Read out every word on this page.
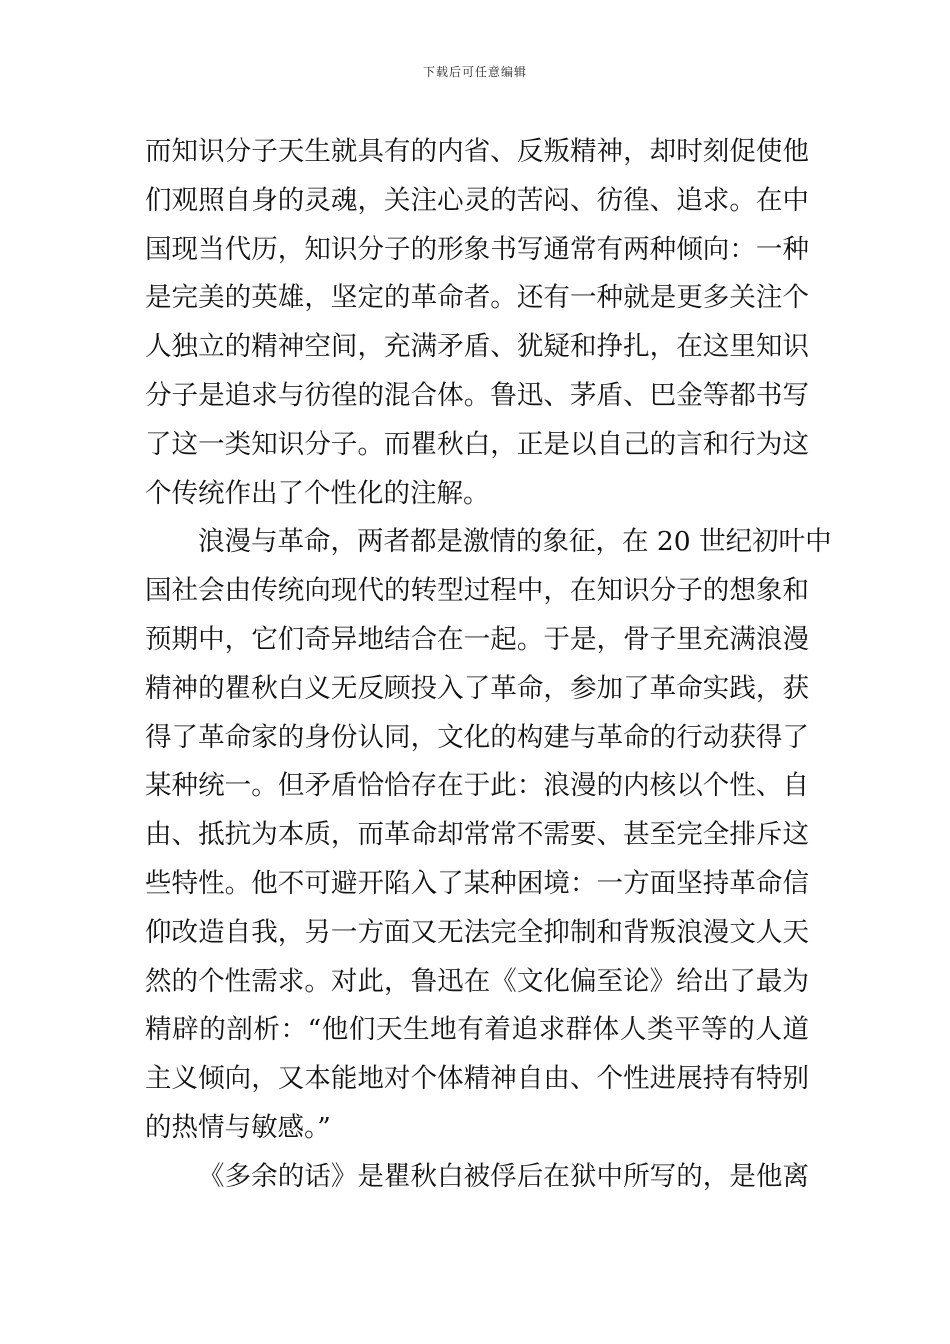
下载后可任意编辑
而知识分子天生就具有的内省、反叛精神，却时刻促使他
们观照自身的灵魂，关注心灵的苦闷、彷徨、追求。在中
国现当代历，知识分子的形象书写通常有两种倾向：一种
是完美的英雄，坚定的革命者。还有一种就是更多关注个
人独立的精神空间，充满矛盾、犹疑和挣扎，在这里知识
分子是追求与彷徨的混合体。鲁迅、茅盾、巴金等都书写
了这一类知识分子。而瞿秋白，正是以自己的言和行为这
个传统作出了个性化的注解。
浪漫与革命，两者都是激情的象征，在 20 世纪初叶中
国社会由传统向现代的转型过程中，在知识分子的想象和
预期中，它们奇异地结合在一起。于是，骨子里充满浪漫
精神的瞿秋白义无反顾投入了革命，参加了革命实践，获
得了革命家的身份认同，文化的构建与革命的行动获得了
某种统一。但矛盾恰恰存在于此：浪漫的内核以个性、自
由、抵抗为本质，而革命却常常不需要、甚至完全排斥这
些特性。他不可避开陷入了某种困境：一方面坚持革命信
仰改造自我，另一方面又无法完全抑制和背叛浪漫文人天
然的个性需求。对此，鲁迅在《文化偏至论》给出了最为
精辟的剖析：“他们天生地有着追求群体人类平等的人道
主义倾向，又本能地对个体精神自由、个性进展持有特别
的热情与敏感。”
《多余的话》是瞿秋白被俘后在狱中所写的，是他离
